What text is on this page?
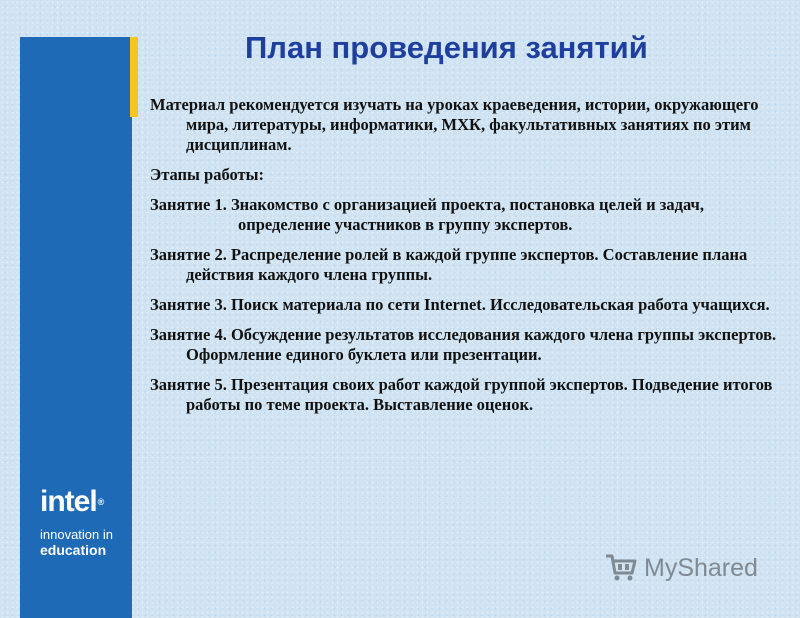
intel®
innovation in
education
План проведения занятий

Материал рекомендуется изучать на уроках краеведения, истории, окружающего мира, литературы, информатики, МХК, факультативных занятиях по этим дисциплинам.

Этапы работы:

Занятие 1. Знакомство с организацией проекта, постановка целей и задач, определение участников в группу экспертов.

Занятие 2. Распределение ролей в каждой группе экспертов. Составление плана действия каждого члена группы.

Занятие 3. Поиск материала по сети Internet. Исследовательская работа учащихся.

Занятие 4. Обсуждение результатов исследования каждого члена группы экспертов. Оформление единого буклета или презентации.

Занятие 5. Презентация своих работ каждой группой экспертов. Подведение итогов работы по теме проекта. Выставление оценок.

MyShared
